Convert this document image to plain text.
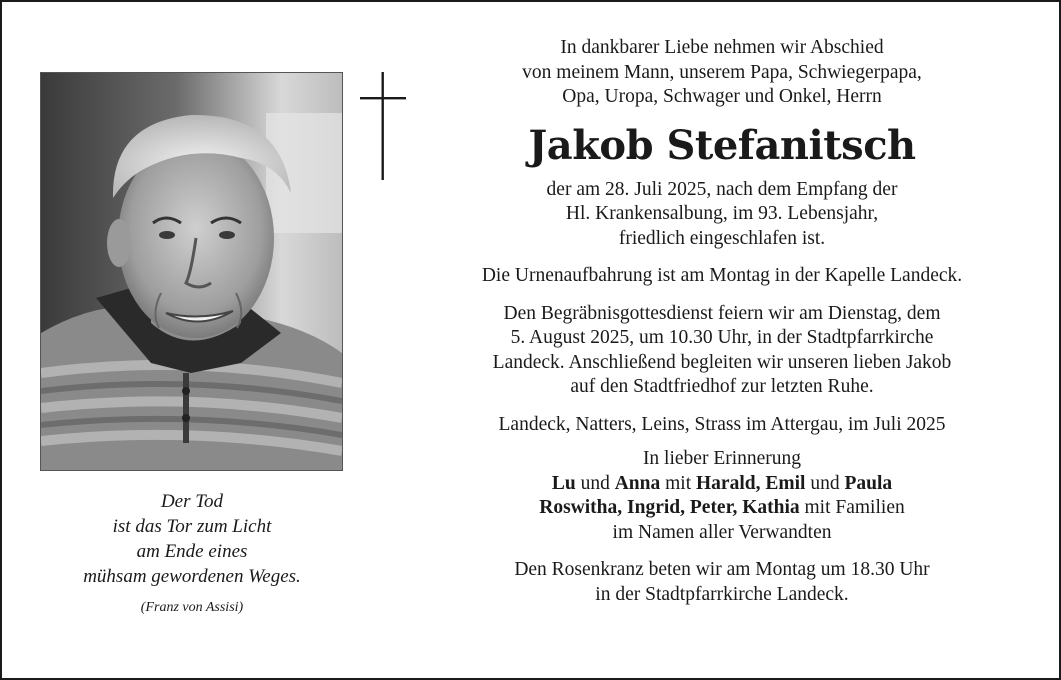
Der Tod
ist das Tor zum Licht
am Ende eines
mühsam gewordenen Weges.
(Franz von Assisi)

In dankbarer Liebe nehmen wir Abschied

von meinem Mann, unserem Papa, Schwiegerpapa,

Opa, Uropa, Schwager und Onkel, Herrn

Jakob Stefanitsch

der am 28. Juli 2025, nach dem Empfang der

Hl. Krankensalbung, im 93. Lebensjahr,

friedlich eingeschlafen ist.

Die Urnenaufbahrung ist am Montag in der Kapelle Landeck.

Den Begräbnisgottesdienst feiern wir am Dienstag, dem

5. August 2025, um 10.30 Uhr, in der Stadtpfarrkirche

Landeck. Anschließend begleiten wir unseren lieben Jakob

auf den Stadtfriedhof zur letzten Ruhe.

Landeck, Natters, Leins, Strass im Attergau, im Juli 2025

In lieber Erinnerung

Lu und Anna mit Harald, Emil und Paula

Roswitha, Ingrid, Peter, Kathia mit Familien

im Namen aller Verwandten

Den Rosenkranz beten wir am Montag um 18.30 Uhr

in der Stadtpfarrkirche Landeck.
